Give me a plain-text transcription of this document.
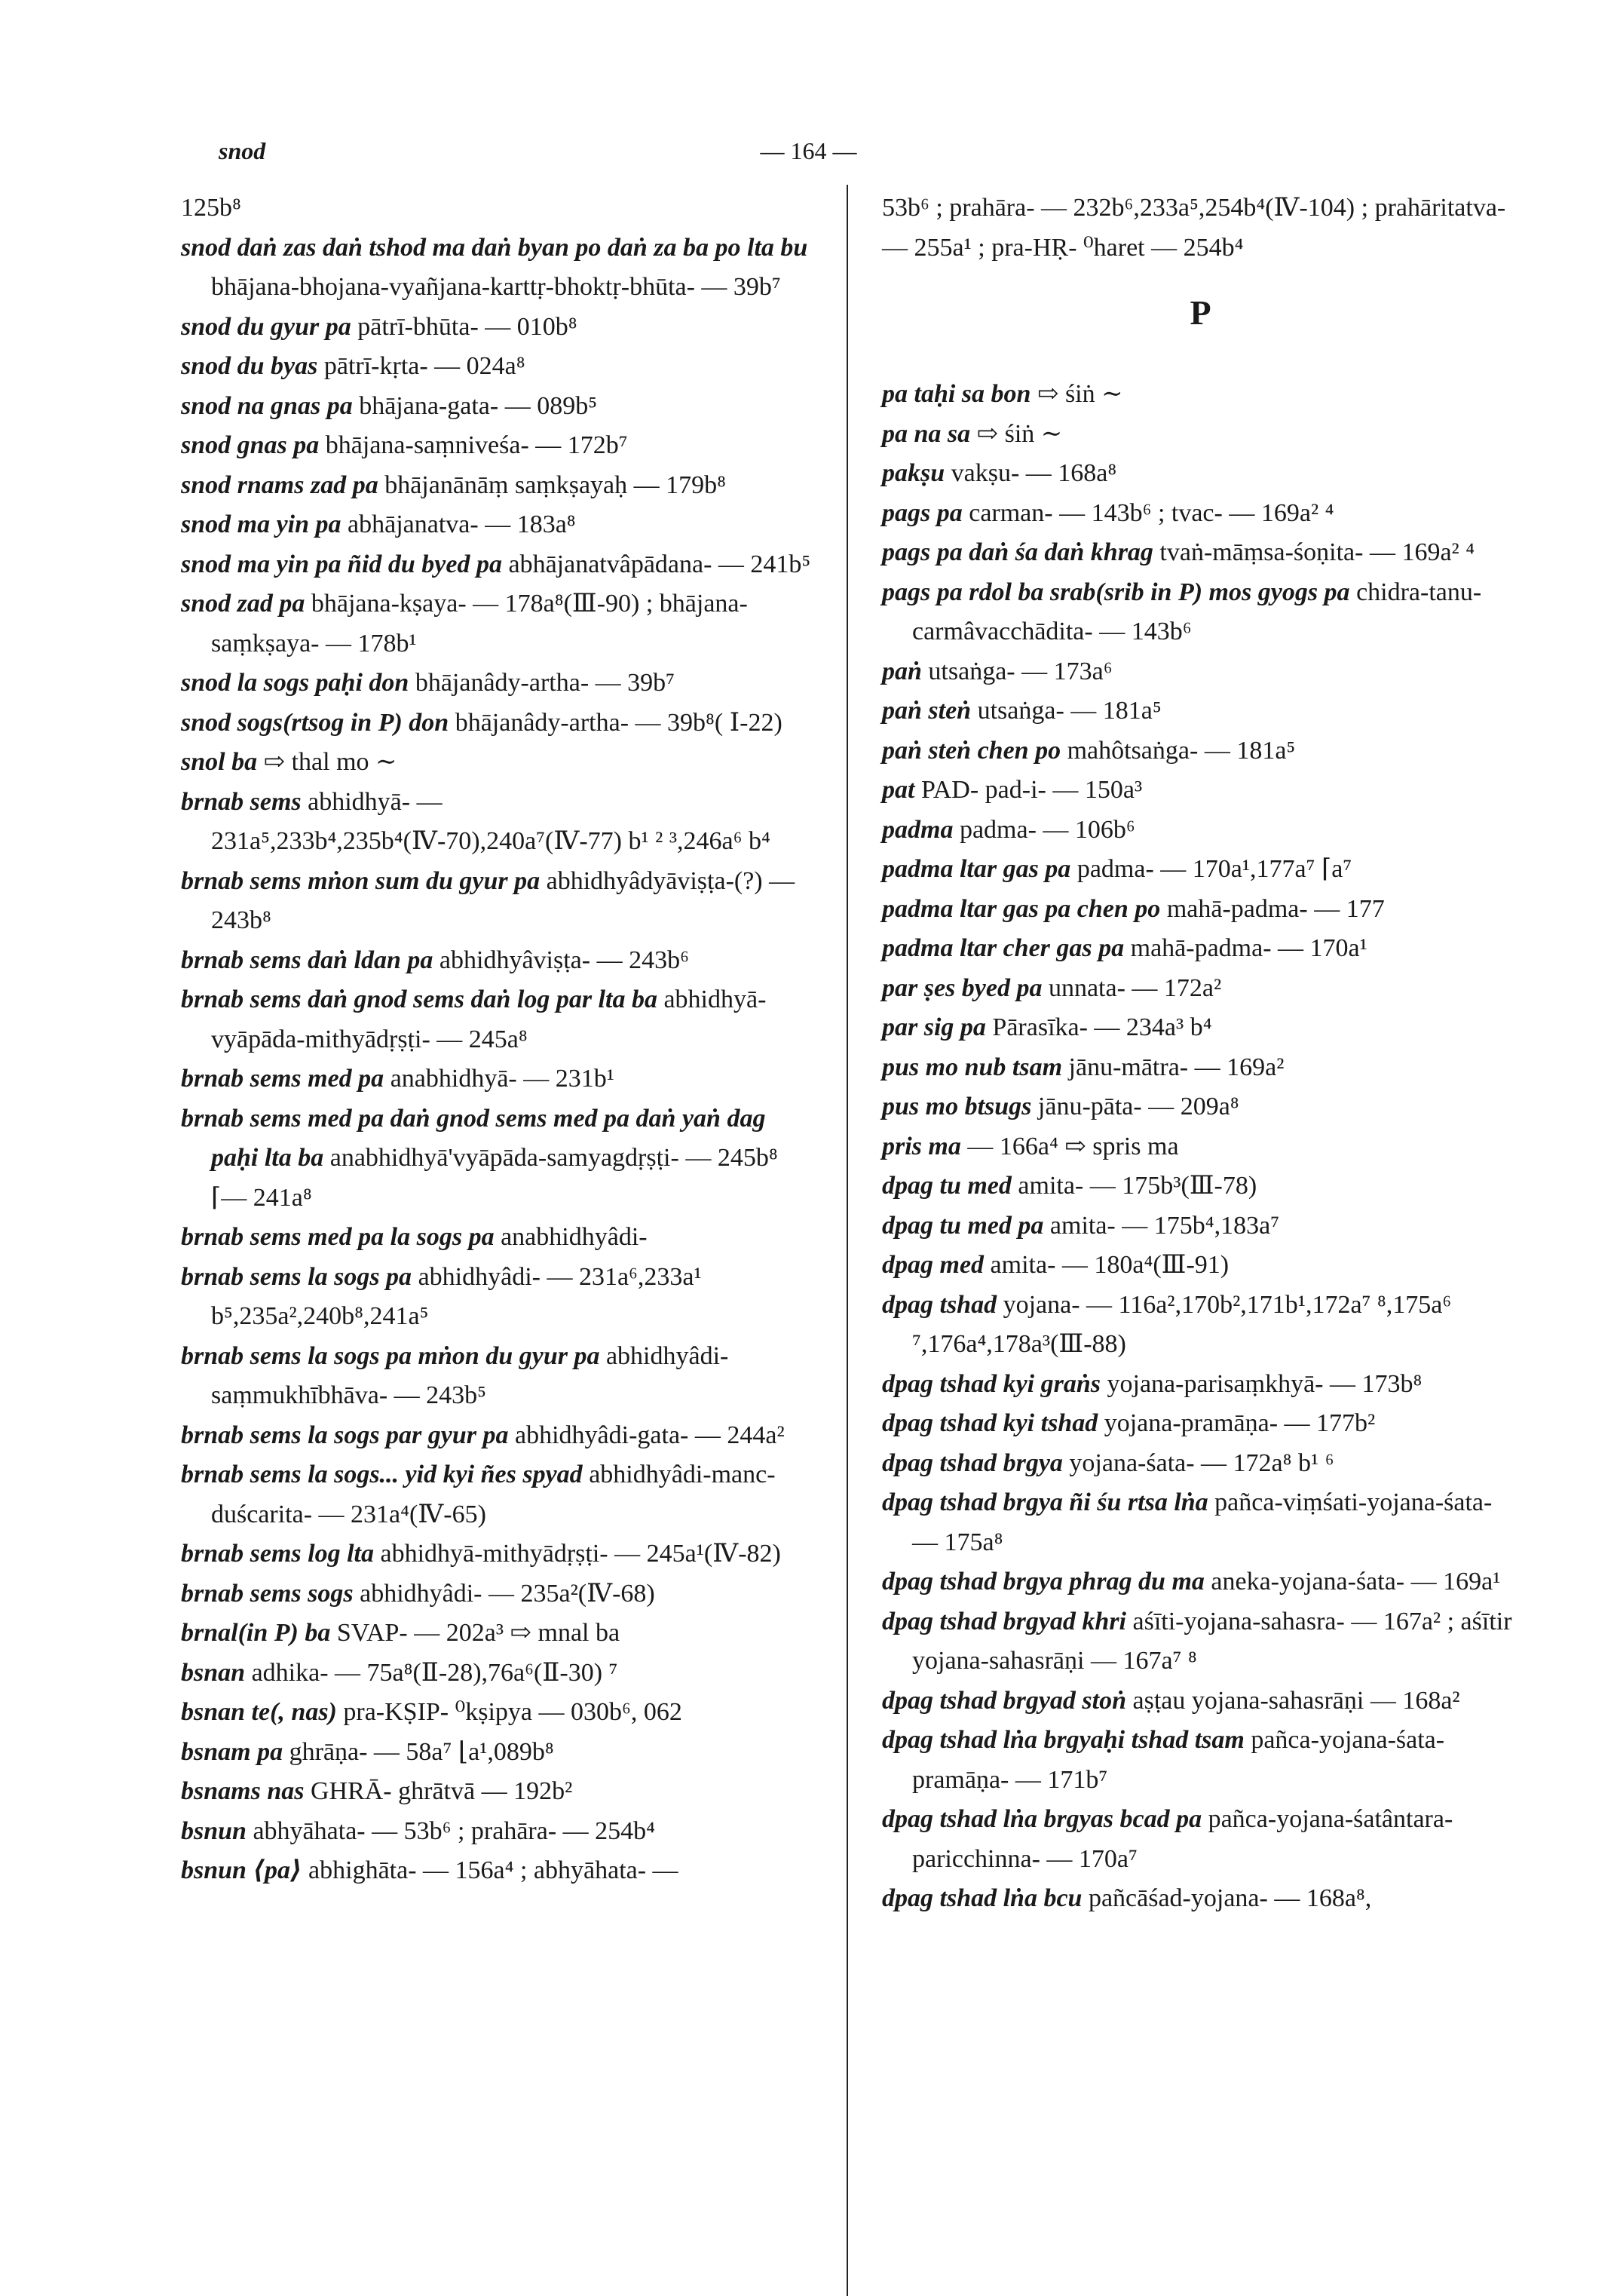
snod	— 164 —

125b⁸

snod daṅ zas daṅ tshod ma daṅ byan po daṅ za ba po lta bu bhājana-bhojana-vyañjana-karttṛ-bhoktṛ-bhūta- — 39b⁷

snod du gyur pa pātrī-bhūta- — 010b⁸

snod du byas pātrī-kṛta- — 024a⁸

snod na gnas pa bhājana-gata- — 089b⁵

snod gnas pa bhājana-saṃniveśa- — 172b⁷

snod rnams zad pa bhājanānāṃ saṃkṣayaḥ — 179b⁸

snod ma yin pa abhājanatva- — 183a⁸

snod ma yin pa ñid du byed pa abhājanatvâpādana- — 241b⁵

snod zad pa bhājana-kṣaya- — 178a⁸(Ⅲ-90) ; bhājana-saṃkṣaya- — 178b¹

snod la sogs paḥi don bhājanâdy-artha- — 39b⁷

snod sogs(rtsog in P) don bhājanâdy-artha- — 39b⁸( Ⅰ-22)

snol ba ⇨ thal mo ∼

brnab sems abhidhyā- — 231a⁵,233b⁴,235b⁴(Ⅳ-70),240a⁷(Ⅳ-77) b¹ ² ³,246a⁶ b⁴

brnab sems mṅon sum du gyur pa abhidhyâdyāviṣṭa-(?) — 243b⁸

brnab sems daṅ ldan pa abhidhyâviṣṭa- — 243b⁶

brnab sems daṅ gnod sems daṅ log par lta ba abhidhyā-vyāpāda-mithyādṛṣṭi- — 245a⁸

brnab sems med pa anabhidhyā- — 231b¹

brnab sems med pa daṅ gnod sems med pa daṅ yaṅ dag paḥi lta ba anabhidhyā'vyāpāda-samyagdṛṣṭi- — 245b⁸ ⌈— 241a⁸

brnab sems med pa la sogs pa anabhidhyâdi-

brnab sems la sogs pa abhidhyâdi- — 231a⁶,233a¹ b⁵,235a²,240b⁸,241a⁵

brnab sems la sogs pa mṅon du gyur pa abhidhyâdi-saṃmukhībhāva- — 243b⁵

brnab sems la sogs par gyur pa abhidhyâdi-gata- — 244a²

brnab sems la sogs... yid kyi ñes spyad abhidhyâdi-manc-duścarita- — 231a⁴(Ⅳ-65)

brnab sems log lta abhidhyā-mithyādṛṣṭi- — 245a¹(Ⅳ-82)

brnab sems sogs abhidhyâdi- — 235a²(Ⅳ-68)

brnal(in P) ba SVAP- — 202a³ ⇨ mnal ba

bsnan adhika- — 75a⁸(Ⅱ-28),76a⁶(Ⅱ-30) ⁷

bsnan te(, nas) pra-KṢIP- ⁰kṣipya — 030b⁶, 062

bsnam pa ghrāṇa- — 58a⁷ ⌊a¹,089b⁸

bsnams nas GHRĀ- ghrātvā — 192b²

bsnun abhyāhata- — 53b⁶ ; prahāra- — 254b⁴

bsnun ⟨pa⟩ abhighāta- — 156a⁴ ; abhyāhata- —

53b⁶ ; prahāra- — 232b⁶,233a⁵,254b⁴(Ⅳ-104) ; prahāritatva- — 255a¹ ; pra-HṚ- ⁰haret — 254b⁴

P

pa taḥi sa bon ⇨ śiṅ ∼

pa na sa ⇨ śiṅ ∼

pakṣu vakṣu- — 168a⁸

pags pa carman- — 143b⁶ ; tvac- — 169a² ⁴

pags pa daṅ śa daṅ khrag tvaṅ-māṃsa-śoṇita- — 169a² ⁴

pags pa rdol ba srab(srib in P) mos gyogs pa chidra-tanu-carmâvacchādita- — 143b⁶

paṅ utsaṅga- — 173a⁶

paṅ steṅ utsaṅga- — 181a⁵

paṅ steṅ chen po mahôtsaṅga- — 181a⁵

pat PAD- pad-i- — 150a³

padma padma- — 106b⁶

padma ltar gas pa padma- — 170a¹,177a⁷ ⌈a⁷

padma ltar gas pa chen po mahā-padma- — 177

padma ltar cher gas pa mahā-padma- — 170a¹

par ṣes byed pa unnata- — 172a²

par sig pa Pārasīka- — 234a³ b⁴

pus mo nub tsam jānu-mātra- — 169a²

pus mo btsugs jānu-pāta- — 209a⁸

pris ma — 166a⁴ ⇨ spris ma

dpag tu med amita- — 175b³(Ⅲ-78)

dpag tu med pa amita- — 175b⁴,183a⁷

dpag med amita- — 180a⁴(Ⅲ-91)

dpag tshad yojana- — 116a²,170b²,171b¹,172a⁷ ⁸,175a⁶ ⁷,176a⁴,178a³(Ⅲ-88)

dpag tshad kyi graṅs yojana-parisaṃkhyā- — 173b⁸

dpag tshad kyi tshad yojana-pramāṇa- — 177b²

dpag tshad brgya yojana-śata- — 172a⁸ b¹ ⁶

dpag tshad brgya ñi śu rtsa lṅa pañca-viṃśati-yojana-śata- — 175a⁸

dpag tshad brgya phrag du ma aneka-yojana-śata- — 169a¹

dpag tshad brgyad khri aśīti-yojana-sahasra- — 167a² ; aśītir yojana-sahasrāṇi — 167a⁷ ⁸

dpag tshad brgyad stoṅ aṣṭau yojana-sahasrāṇi — 168a²

dpag tshad lṅa brgyaḥi tshad tsam pañca-yojana-śata-pramāṇa- — 171b⁷

dpag tshad lṅa brgyas bcad pa pañca-yojana-śatântara-paricchinna- — 170a⁷

dpag tshad lṅa bcu pañcāśad-yojana- — 168a⁸,
